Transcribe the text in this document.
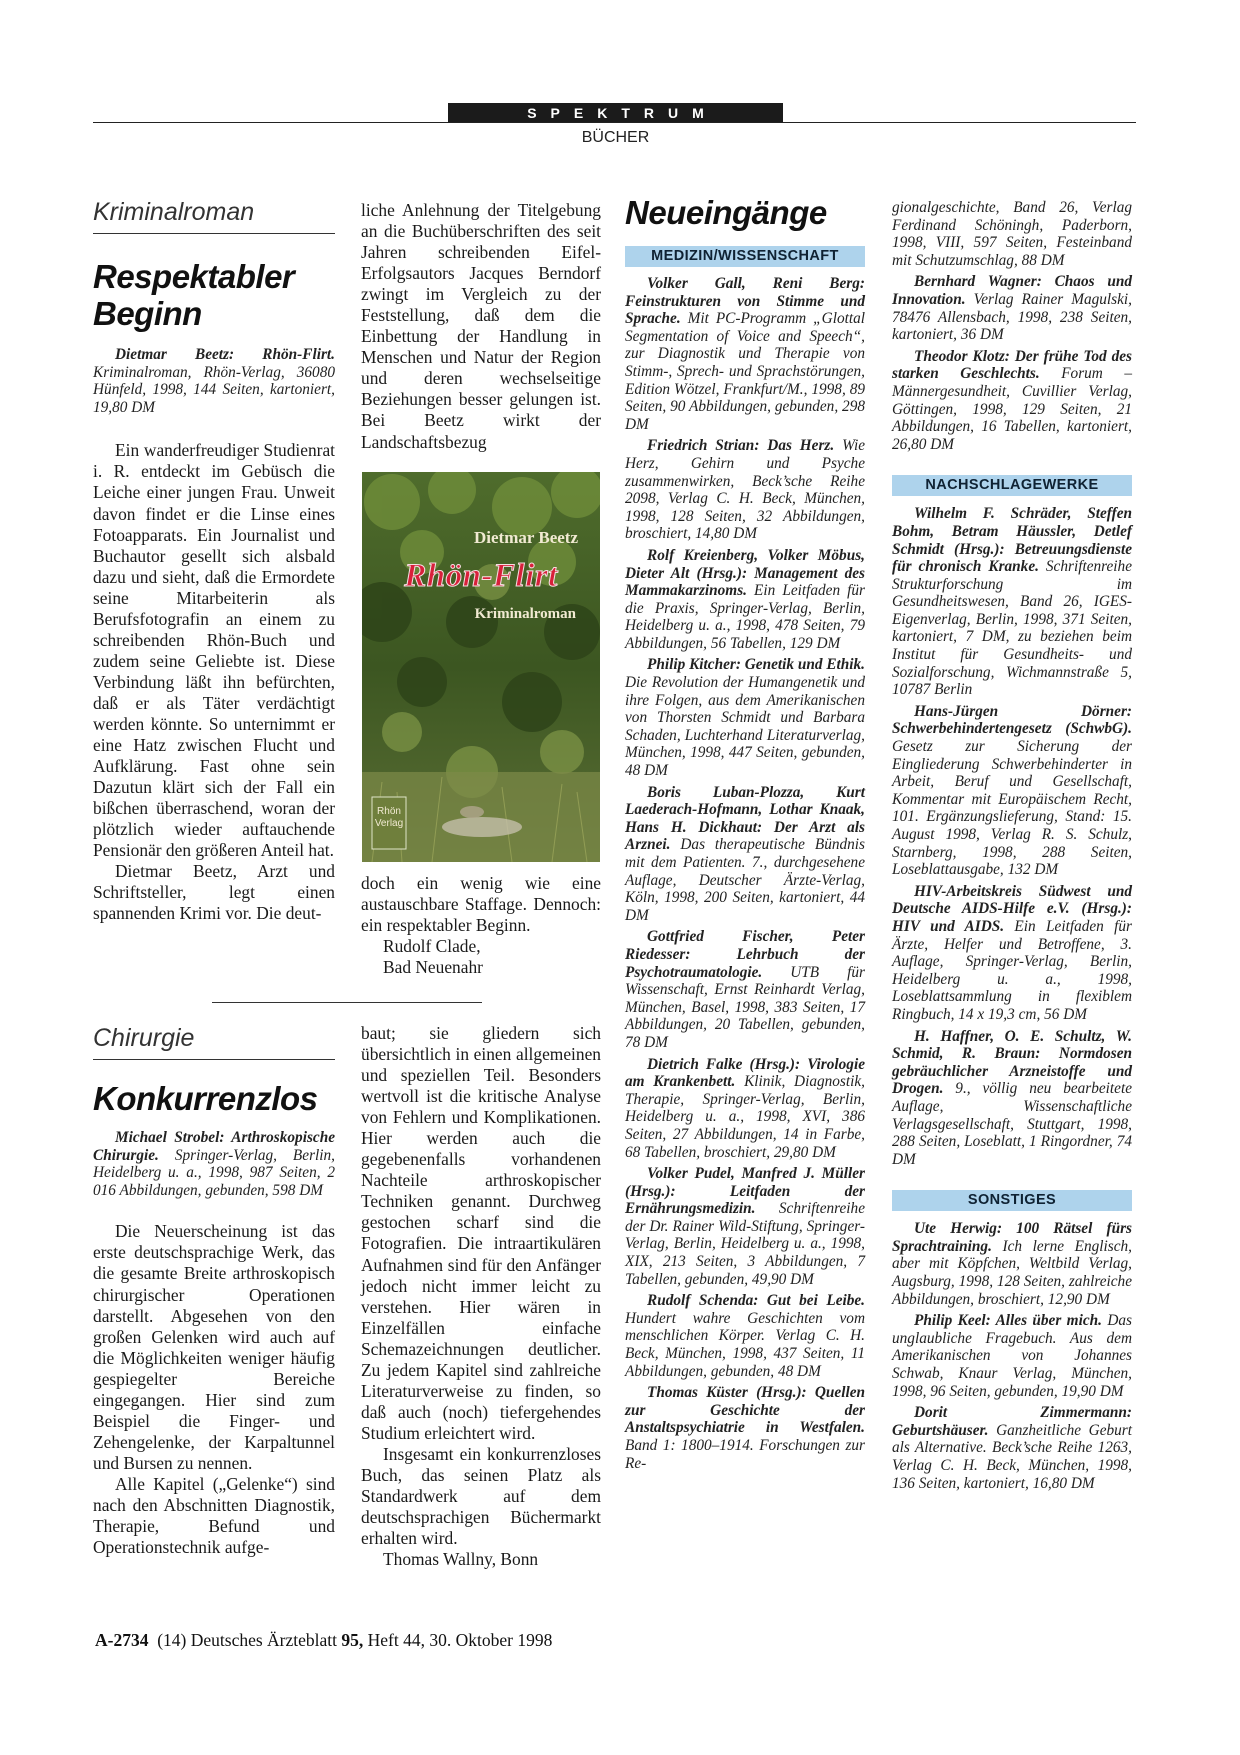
SPEKTRUM
BÜCHER
Kriminalroman
Respektabler
Beginn
Dietmar Beetz: Rhön-Flirt. Kriminalroman, Rhön-Verlag, 36080 Hünfeld, 1998, 144 Seiten, kartoniert, 19,80 DM
Ein wanderfreudiger Studienrat i. R. entdeckt im Gebüsch die Leiche einer jungen Frau. Unweit davon findet er die Linse eines Fotoapparats. Ein Journalist und Buchautor gesellt sich alsbald dazu und sieht, daß die Ermordete seine Mitarbeiterin als Berufsfotografin an einem zu schreibenden Rhön-Buch und zudem seine Geliebte ist. Diese Verbindung läßt ihn befürchten, daß er als Täter verdächtigt werden könnte. So unternimmt er eine Hatz zwischen Flucht und Aufklärung. Fast ohne sein Dazutun klärt sich der Fall ein bißchen überraschend, woran der plötzlich wieder auftauchende Pensionär den größeren Anteil hat.
Dietmar Beetz, Arzt und Schriftsteller, legt einen spannenden Krimi vor. Die deut-
liche Anlehnung der Titelgebung an die Buchüberschriften des seit Jahren schreibenden Eifel-Erfolgsautors Jacques Berndorf zwingt im Vergleich zu der Feststellung, daß dem die Einbettung der Handlung in Menschen und Natur der Region und deren wechselseitige Beziehungen besser gelungen ist. Bei Beetz wirkt der Landschaftsbezug
Dietmar Beetz
Rhön-Flirt
Kriminalroman
Rhön
Verlag
doch ein wenig wie eine austauschbare Staffage. Dennoch: ein respektabler Beginn.
Rudolf Clade,
Bad Neuenahr
Chirurgie
Konkurrenzlos
Michael Strobel: Arthroskopische Chirurgie. Springer-Verlag, Berlin, Heidelberg u. a., 1998, 987 Seiten, 2 016 Abbildungen, gebunden, 598 DM
Die Neuerscheinung ist das erste deutschsprachige Werk, das die gesamte Breite arthroskopisch chirurgischer Operationen darstellt. Abgesehen von den großen Gelenken wird auch auf die Möglichkeiten weniger häufig gespiegelter Bereiche eingegangen. Hier sind zum Beispiel die Finger- und Zehengelenke, der Karpaltunnel und Bursen zu nennen.
Alle Kapitel („Gelenke“) sind nach den Abschnitten Diagnostik, Therapie, Befund und Operationstechnik aufge-
baut; sie gliedern sich übersichtlich in einen allgemeinen und speziellen Teil. Besonders wertvoll ist die kritische Analyse von Fehlern und Komplikationen. Hier werden auch die gegebenenfalls vorhandenen Nachteile arthroskopischer Techniken genannt. Durchweg gestochen scharf sind die Fotografien. Die intraartikulären Aufnahmen sind für den Anfänger jedoch nicht immer leicht zu verstehen. Hier wären in Einzelfällen einfache Schemazeichnungen deutlicher. Zu jedem Kapitel sind zahlreiche Literaturverweise zu finden, so daß auch (noch) tiefergehendes Studium erleichtert wird.
Insgesamt ein konkurrenzloses Buch, das seinen Platz als Standardwerk auf dem deutschsprachigen Büchermarkt erhalten wird.
Thomas Wallny, Bonn
Neueingänge
MEDIZIN/WISSENSCHAFT
Volker Gall, Reni Berg: Feinstrukturen von Stimme und Sprache. Mit PC-Programm „Glottal Segmentation of Voice and Speech“, zur Diagnostik und Therapie von Stimm-, Sprech- und Sprachstörungen, Edition Wötzel, Frankfurt/M., 1998, 89 Seiten, 90 Abbildungen, gebunden, 298 DM
Friedrich Strian: Das Herz. Wie Herz, Gehirn und Psyche zusammenwirken, Beck’sche Reihe 2098, Verlag C. H. Beck, München, 1998, 128 Seiten, 32 Abbildungen, broschiert, 14,80 DM
Rolf Kreienberg, Volker Möbus, Dieter Alt (Hrsg.): Management des Mammakarzinoms. Ein Leitfaden für die Praxis, Springer-Verlag, Berlin, Heidelberg u. a., 1998, 478 Seiten, 79 Abbildungen, 56 Tabellen, 129 DM
Philip Kitcher: Genetik und Ethik. Die Revolution der Humangenetik und ihre Folgen, aus dem Amerikanischen von Thorsten Schmidt und Barbara Schaden, Luchterhand Literaturverlag, München, 1998, 447 Seiten, gebunden, 48 DM
Boris Luban-Plozza, Kurt Laederach-Hofmann, Lothar Knaak, Hans H. Dickhaut: Der Arzt als Arznei. Das therapeutische Bündnis mit dem Patienten. 7., durchgesehene Auflage, Deutscher Ärzte-Verlag, Köln, 1998, 200 Seiten, kartoniert, 44 DM
Gottfried Fischer, Peter Riedesser: Lehrbuch der Psychotraumatologie. UTB für Wissenschaft, Ernst Reinhardt Verlag, München, Basel, 1998, 383 Seiten, 17 Abbildungen, 20 Tabellen, gebunden, 78 DM
Dietrich Falke (Hrsg.): Virologie am Krankenbett. Klinik, Diagnostik, Therapie, Springer-Verlag, Berlin, Heidelberg u. a., 1998, XVI, 386 Seiten, 27 Abbildungen, 14 in Farbe, 68 Tabellen, broschiert, 29,80 DM
Volker Pudel, Manfred J. Müller (Hrsg.): Leitfaden der Ernährungsmedizin. Schriftenreihe der Dr. Rainer Wild-Stiftung, Springer-Verlag, Berlin, Heidelberg u. a., 1998, XIX, 213 Seiten, 3 Abbildungen, 7 Tabellen, gebunden, 49,90 DM
Rudolf Schenda: Gut bei Leibe. Hundert wahre Geschichten vom menschlichen Körper. Verlag C. H. Beck, München, 1998, 437 Seiten, 11 Abbildungen, gebunden, 48 DM
Thomas Küster (Hrsg.): Quellen zur Geschichte der Anstaltspsychiatrie in Westfalen. Band 1: 1800–1914. Forschungen zur Re-
gionalgeschichte, Band 26, Verlag Ferdinand Schöningh, Paderborn, 1998, VIII, 597 Seiten, Festeinband mit Schutzumschlag, 88 DM
Bernhard Wagner: Chaos und Innovation. Verlag Rainer Magulski, 78476 Allensbach, 1998, 238 Seiten, kartoniert, 36 DM
Theodor Klotz: Der frühe Tod des starken Geschlechts. Forum – Männergesundheit, Cuvillier Verlag, Göttingen, 1998, 129 Seiten, 21 Abbildungen, 16 Tabellen, kartoniert, 26,80 DM
NACHSCHLAGEWERKE
Wilhelm F. Schräder, Steffen Bohm, Betram Häussler, Detlef Schmidt (Hrsg.): Betreuungsdienste für chronisch Kranke. Schriftenreihe Strukturforschung im Gesundheitswesen, Band 26, IGES-Eigenverlag, Berlin, 1998, 371 Seiten, kartoniert, 7 DM, zu beziehen beim Institut für Gesundheits- und Sozialforschung, Wichmannstraße 5, 10787 Berlin
Hans-Jürgen Dörner: Schwerbehindertengesetz (SchwbG). Gesetz zur Sicherung der Eingliederung Schwerbehinderter in Arbeit, Beruf und Gesellschaft, Kommentar mit Europäischem Recht, 101. Ergänzungslieferung, Stand: 15. August 1998, Verlag R. S. Schulz, Starnberg, 1998, 288 Seiten, Loseblattausgabe, 132 DM
HIV-Arbeitskreis Südwest und Deutsche AIDS-Hilfe e.V. (Hrsg.): HIV und AIDS. Ein Leitfaden für Ärzte, Helfer und Betroffene, 3. Auflage, Springer-Verlag, Berlin, Heidelberg u. a., 1998, Loseblattsammlung in flexiblem Ringbuch, 14 x 19,3 cm, 56 DM
H. Haffner, O. E. Schultz, W. Schmid, R. Braun: Normdosen gebräuchlicher Arzneistoffe und Drogen. 9., völlig neu bearbeitete Auflage, Wissenschaftliche Verlagsgesellschaft, Stuttgart, 1998, 288 Seiten, Loseblatt, 1 Ringordner, 74 DM
SONSTIGES
Ute Herwig: 100 Rätsel fürs Sprachtraining. Ich lerne Englisch, aber mit Köpfchen, Weltbild Verlag, Augsburg, 1998, 128 Seiten, zahlreiche Abbildungen, broschiert, 12,90 DM
Philip Keel: Alles über mich. Das unglaubliche Fragebuch. Aus dem Amerikanischen von Johannes Schwab, Knaur Verlag, München, 1998, 96 Seiten, gebunden, 19,90 DM
Dorit Zimmermann: Geburtshäuser. Ganzheitliche Geburt als Alternative. Beck’sche Reihe 1263, Verlag C. H. Beck, München, 1998, 136 Seiten, kartoniert, 16,80 DM
A-2734 (14) Deutsches Ärzteblatt 95, Heft 44, 30. Oktober 1998
